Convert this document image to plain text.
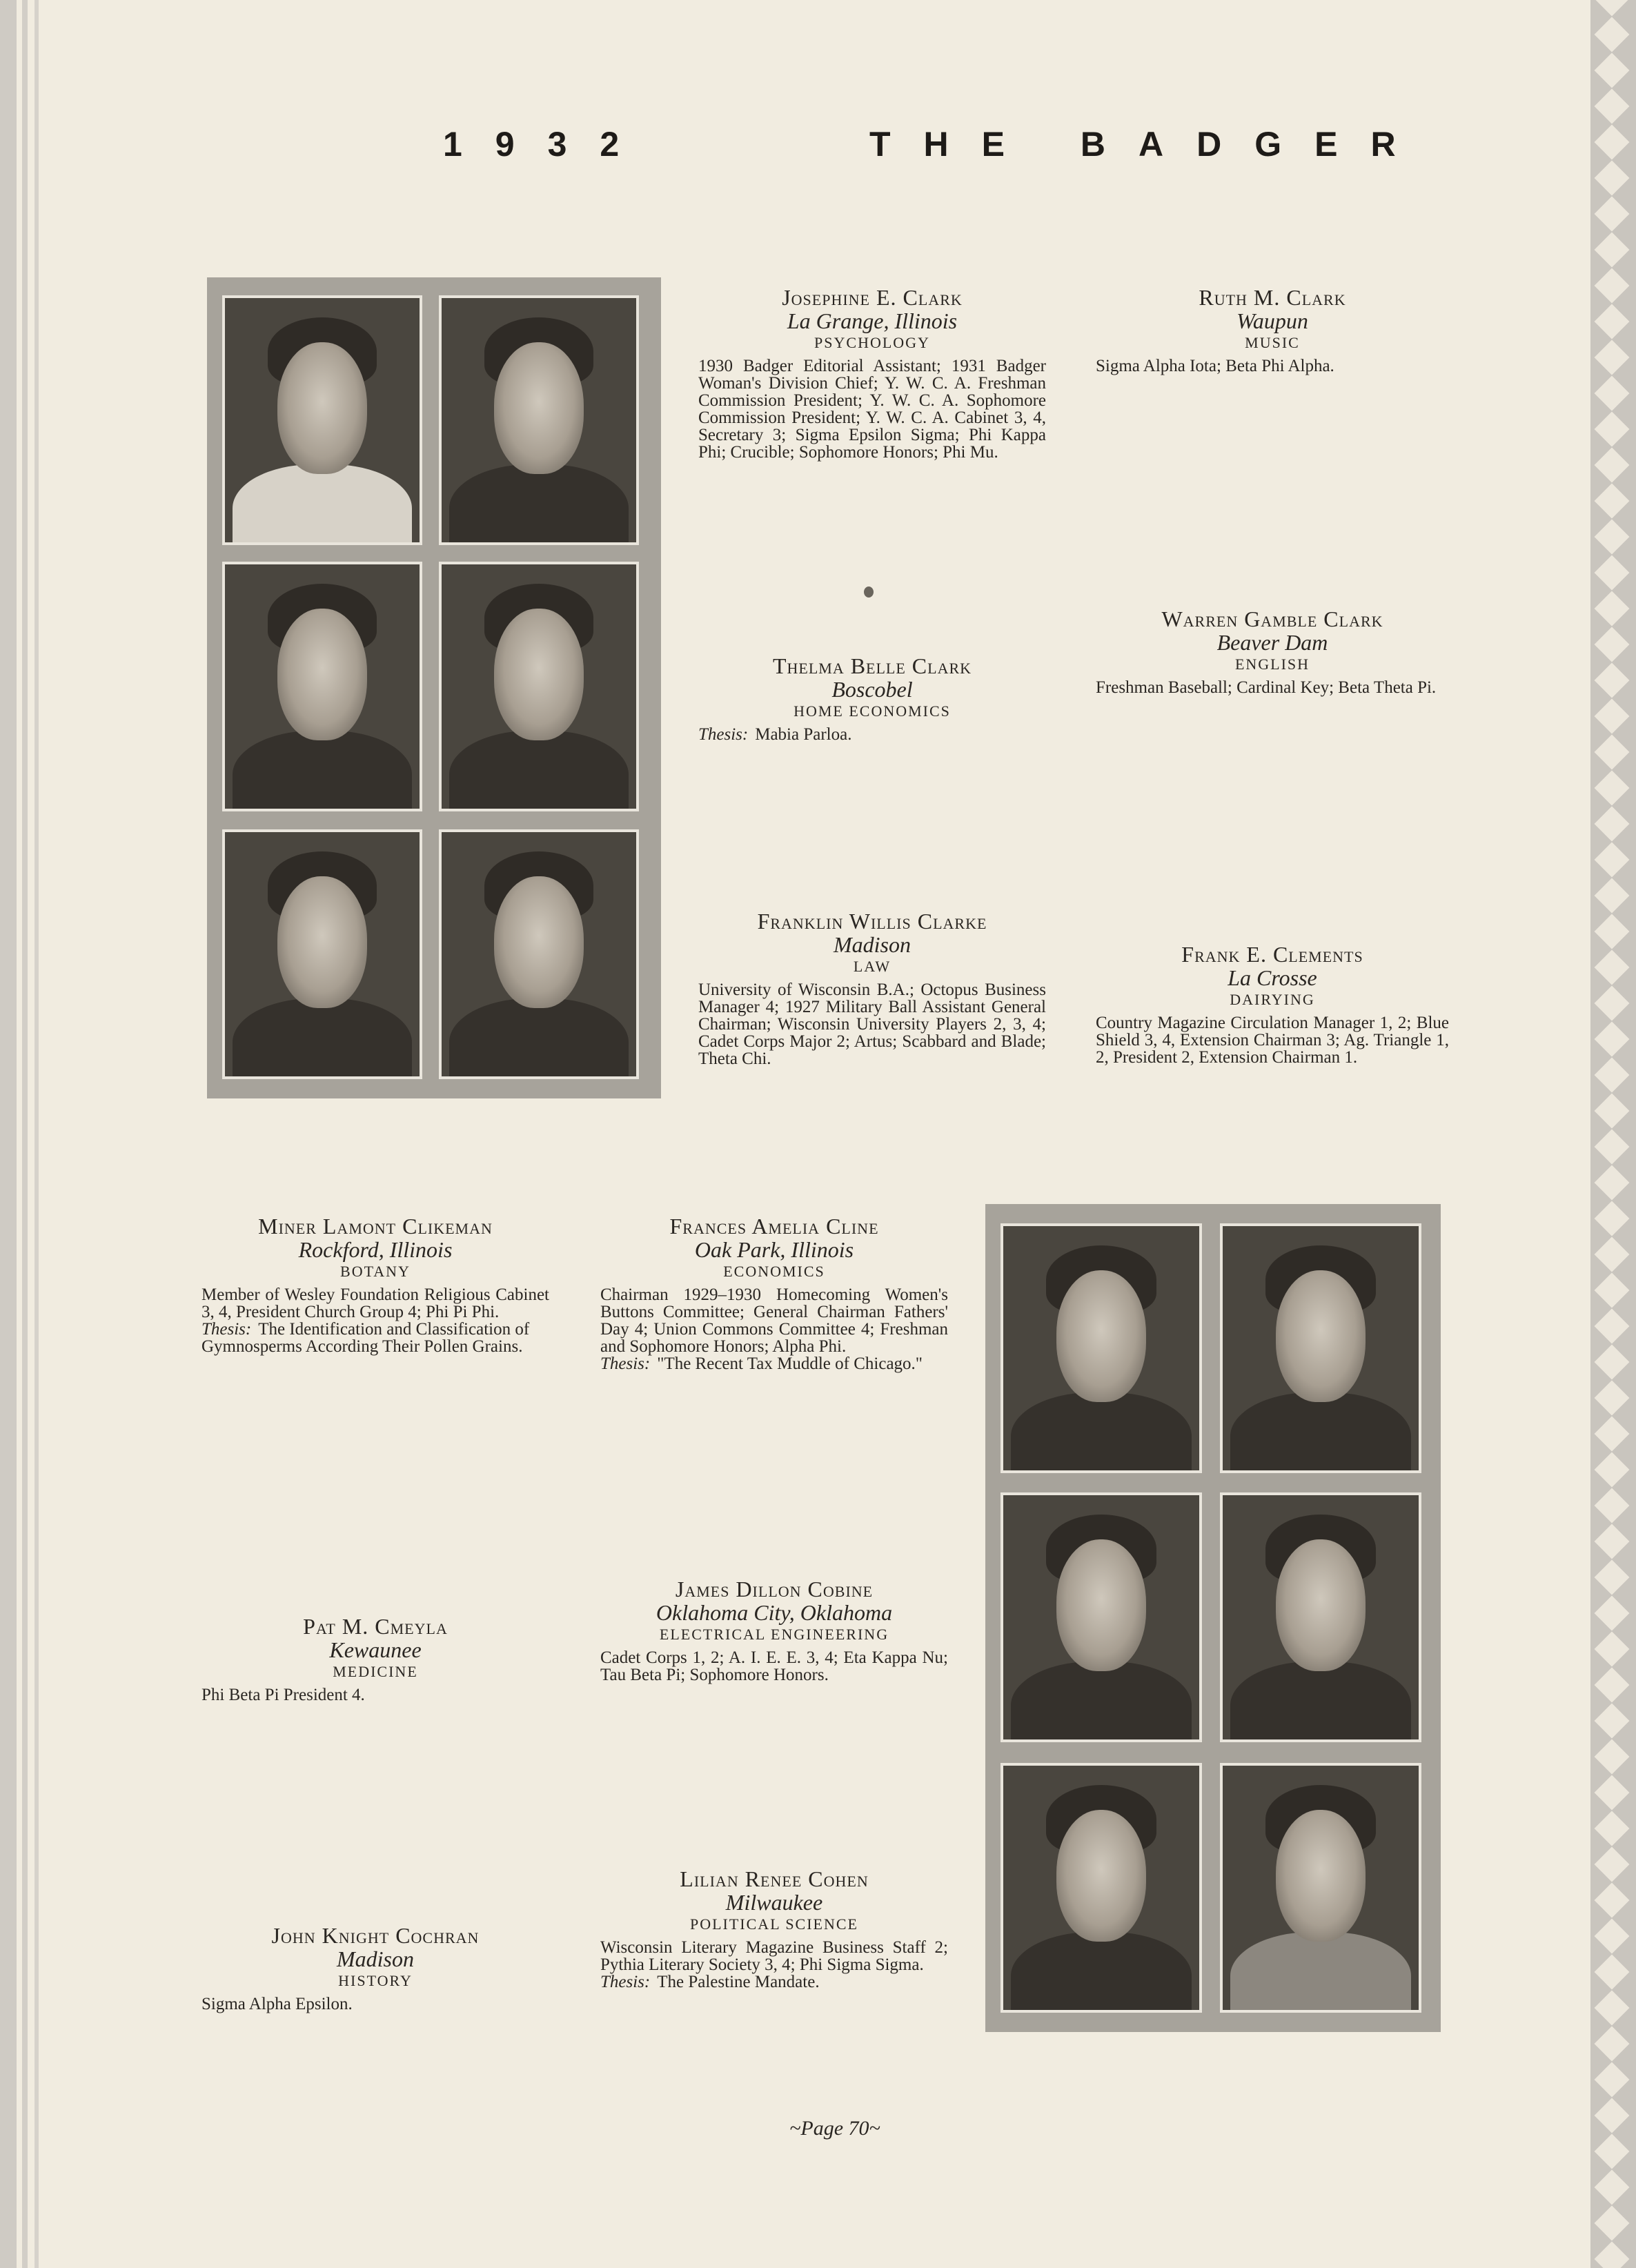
1932	THE BADGER
Josephine E. Clark
La Grange, Illinois
PSYCHOLOGY
1930 Badger Editorial Assistant; 1931 Badger Woman's Division Chief; Y. W. C. A. Freshman Commission President; Y. W. C. A. Sophomore Commission President; Y. W. C. A. Cabinet 3, 4, Secretary 3; Sigma Epsilon Sigma; Phi Kappa Phi; Crucible; Sophomore Honors; Phi Mu.
Ruth M. Clark
Waupun
MUSIC
Sigma Alpha Iota; Beta Phi Alpha.
Thelma Belle Clark
Boscobel
HOME ECONOMICS
Thesis: Mabia Parloa.
Warren Gamble Clark
Beaver Dam
ENGLISH
Freshman Baseball; Cardinal Key; Beta Theta Pi.
Franklin Willis Clarke
Madison
LAW
University of Wisconsin B.A.; Octopus Business Manager 4; 1927 Military Ball Assistant General Chairman; Wisconsin University Players 2, 3, 4; Cadet Corps Major 2; Artus; Scabbard and Blade; Theta Chi.
Frank E. Clements
La Crosse
DAIRYING
Country Magazine Circulation Manager 1, 2; Blue Shield 3, 4, Extension Chairman 3; Ag. Triangle 1, 2, President 2, Extension Chairman 1.
Miner Lamont Clikeman
Rockford, Illinois
BOTANY
Member of Wesley Foundation Religious Cabinet 3, 4, President Church Group 4; Phi Pi Phi.
Thesis: The Identification and Classification of Gymnosperms According Their Pollen Grains.
Frances Amelia Cline
Oak Park, Illinois
ECONOMICS
Chairman 1929–1930 Homecoming Women's Buttons Committee; General Chairman Fathers' Day 4; Union Commons Committee 4; Freshman and Sophomore Honors; Alpha Phi.
Thesis: "The Recent Tax Muddle of Chicago."
Pat M. Cmeyla
Kewaunee
MEDICINE
Phi Beta Pi President 4.
James Dillon Cobine
Oklahoma City, Oklahoma
ELECTRICAL ENGINEERING
Cadet Corps 1, 2; A. I. E. E. 3, 4; Eta Kappa Nu; Tau Beta Pi; Sophomore Honors.
John Knight Cochran
Madison
HISTORY
Sigma Alpha Epsilon.
Lilian Renee Cohen
Milwaukee
POLITICAL SCIENCE
Wisconsin Literary Magazine Business Staff 2; Pythia Literary Society 3, 4; Phi Sigma Sigma.
Thesis: The Palestine Mandate.
~Page 70~
